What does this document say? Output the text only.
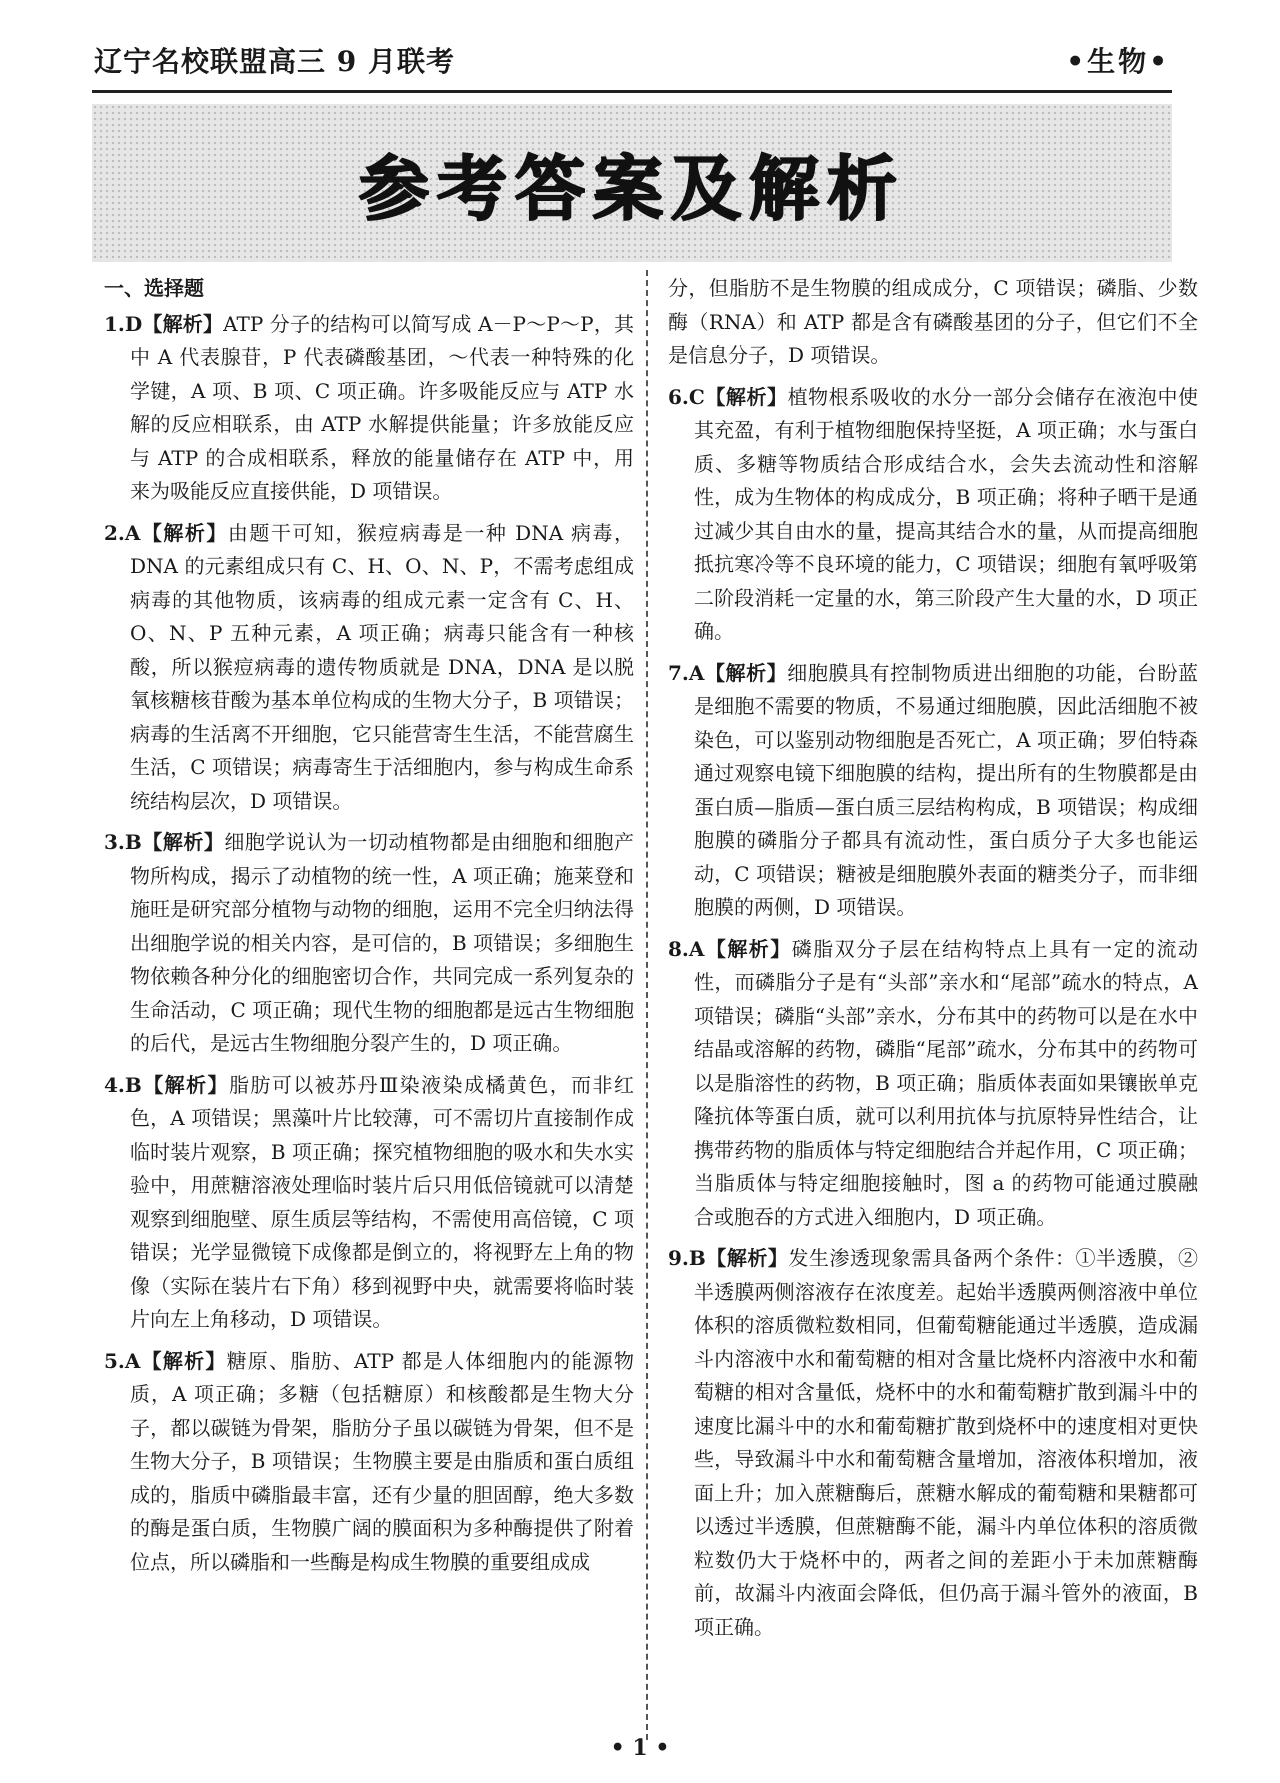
辽宁名校联盟高三 9 月联考	•生物•
参考答案及解析

一、选择题

1.D【解析】ATP 分子的结构可以简写成 A－P～P～P，其中 A 代表腺苷，P 代表磷酸基团，～代表一种特殊的化学键，A 项、B 项、C 项正确。许多吸能反应与 ATP 水解的反应相联系，由 ATP 水解提供能量；许多放能反应与 ATP 的合成相联系，释放的能量储存在 ATP 中，用来为吸能反应直接供能，D 项错误。

2.A【解析】由题干可知，猴痘病毒是一种 DNA 病毒，DNA 的元素组成只有 C、H、O、N、P，不需考虑组成病毒的其他物质，该病毒的组成元素一定含有 C、H、O、N、P 五种元素，A 项正确；病毒只能含有一种核酸，所以猴痘病毒的遗传物质就是 DNA，DNA 是以脱氧核糖核苷酸为基本单位构成的生物大分子，B 项错误；病毒的生活离不开细胞，它只能营寄生生活，不能营腐生生活，C 项错误；病毒寄生于活细胞内，参与构成生命系统结构层次，D 项错误。

3.B【解析】细胞学说认为一切动植物都是由细胞和细胞产物所构成，揭示了动植物的统一性，A 项正确；施莱登和施旺是研究部分植物与动物的细胞，运用不完全归纳法得出细胞学说的相关内容，是可信的，B 项错误；多细胞生物依赖各种分化的细胞密切合作，共同完成一系列复杂的生命活动，C 项正确；现代生物的细胞都是远古生物细胞的后代，是远古生物细胞分裂产生的，D 项正确。

4.B【解析】脂肪可以被苏丹Ⅲ染液染成橘黄色，而非红色，A 项错误；黑藻叶片比较薄，可不需切片直接制作成临时装片观察，B 项正确；探究植物细胞的吸水和失水实验中，用蔗糖溶液处理临时装片后只用低倍镜就可以清楚观察到细胞壁、原生质层等结构，不需使用高倍镜，C 项错误；光学显微镜下成像都是倒立的，将视野左上角的物像（实际在装片右下角）移到视野中央，就需要将临时装片向左上角移动，D 项错误。

5.A【解析】糖原、脂肪、ATP 都是人体细胞内的能源物质，A 项正确；多糖（包括糖原）和核酸都是生物大分子，都以碳链为骨架，脂肪分子虽以碳链为骨架，但不是生物大分子，B 项错误；生物膜主要是由脂质和蛋白质组成的，脂质中磷脂最丰富，还有少量的胆固醇，绝大多数的酶是蛋白质，生物膜广阔的膜面积为多种酶提供了附着位点，所以磷脂和一些酶是构成生物膜的重要组成成

分，但脂肪不是生物膜的组成成分，C 项错误；磷脂、少数酶（RNA）和 ATP 都是含有磷酸基团的分子，但它们不全是信息分子，D 项错误。

6.C【解析】植物根系吸收的水分一部分会储存在液泡中使其充盈，有利于植物细胞保持坚挺，A 项正确；水与蛋白质、多糖等物质结合形成结合水，会失去流动性和溶解性，成为生物体的构成成分，B 项正确；将种子晒干是通过减少其自由水的量，提高其结合水的量，从而提高细胞抵抗寒冷等不良环境的能力，C 项错误；细胞有氧呼吸第二阶段消耗一定量的水，第三阶段产生大量的水，D 项正确。

7.A【解析】细胞膜具有控制物质进出细胞的功能，台盼蓝是细胞不需要的物质，不易通过细胞膜，因此活细胞不被染色，可以鉴别动物细胞是否死亡，A 项正确；罗伯特森通过观察电镜下细胞膜的结构，提出所有的生物膜都是由蛋白质—脂质—蛋白质三层结构构成，B 项错误；构成细胞膜的磷脂分子都具有流动性，蛋白质分子大多也能运动，C 项错误；糖被是细胞膜外表面的糖类分子，而非细胞膜的两侧，D 项错误。

8.A【解析】磷脂双分子层在结构特点上具有一定的流动性，而磷脂分子是有“头部”亲水和“尾部”疏水的特点，A 项错误；磷脂“头部”亲水，分布其中的药物可以是在水中结晶或溶解的药物，磷脂“尾部”疏水，分布其中的药物可以是脂溶性的药物，B 项正确；脂质体表面如果镶嵌单克隆抗体等蛋白质，就可以利用抗体与抗原特异性结合，让携带药物的脂质体与特定细胞结合并起作用，C 项正确；当脂质体与特定细胞接触时，图 a 的药物可能通过膜融合或胞吞的方式进入细胞内，D 项正确。

9.B【解析】发生渗透现象需具备两个条件：①半透膜，②半透膜两侧溶液存在浓度差。起始半透膜两侧溶液中单位体积的溶质微粒数相同，但葡萄糖能通过半透膜，造成漏斗内溶液中水和葡萄糖的相对含量比烧杯内溶液中水和葡萄糖的相对含量低，烧杯中的水和葡萄糖扩散到漏斗中的速度比漏斗中的水和葡萄糖扩散到烧杯中的速度相对更快些，导致漏斗中水和葡萄糖含量增加，溶液体积增加，液面上升；加入蔗糖酶后，蔗糖水解成的葡萄糖和果糖都可以透过半透膜，但蔗糖酶不能，漏斗内单位体积的溶质微粒数仍大于烧杯中的，两者之间的差距小于未加蔗糖酶前，故漏斗内液面会降低，但仍高于漏斗管外的液面，B 项正确。

• 1 •
